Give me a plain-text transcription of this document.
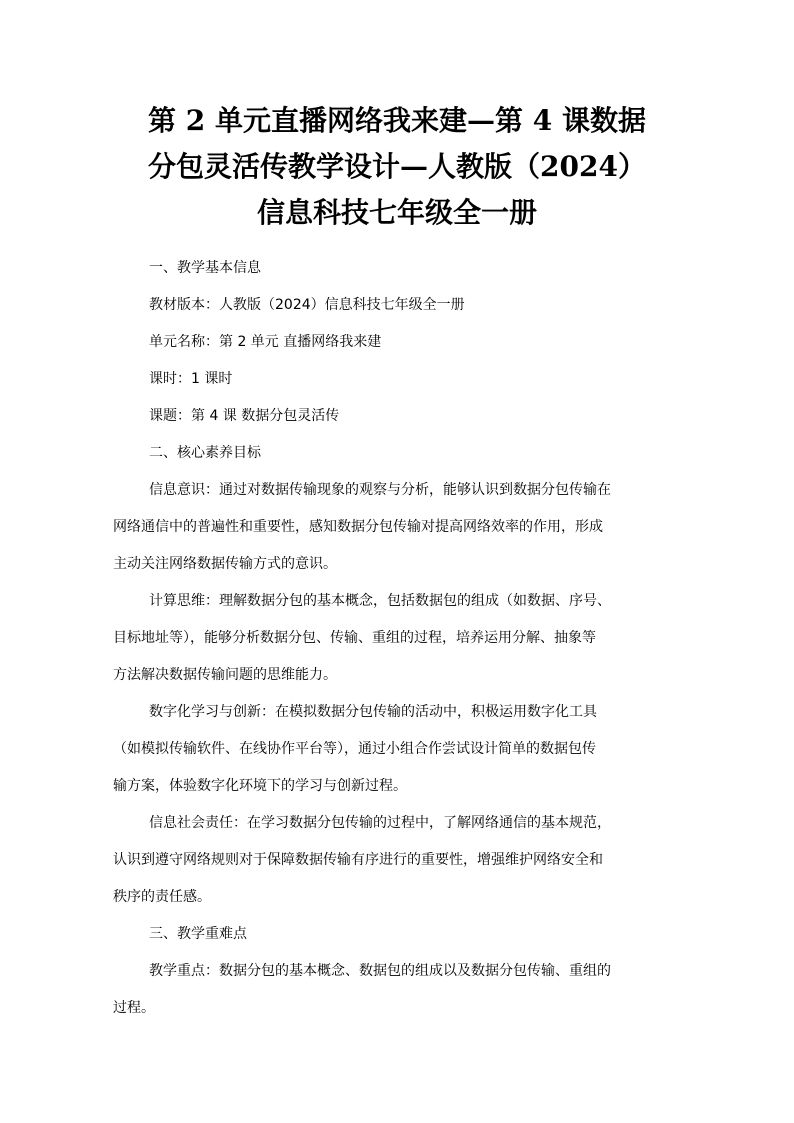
第 2 单元直播网络我来建—第 4 课数据
分包灵活传教学设计—人教版（2024）
信息科技七年级全一册
一、教学基本信息
教材版本：人教版（2024）信息科技七年级全一册
单元名称：第 2 单元 直播网络我来建
课时：1 课时
课题：第 4 课 数据分包灵活传
二、核心素养目标
信息意识：通过对数据传输现象的观察与分析，能够认识到数据分包传输在
网络通信中的普遍性和重要性，感知数据分包传输对提高网络效率的作用，形成
主动关注网络数据传输方式的意识。
计算思维：理解数据分包的基本概念，包括数据包的组成（如数据、序号、
目标地址等），能够分析数据分包、传输、重组的过程，培养运用分解、抽象等
方法解决数据传输问题的思维能力。
数字化学习与创新：在模拟数据分包传输的活动中，积极运用数字化工具
（如模拟传输软件、在线协作平台等），通过小组合作尝试设计简单的数据包传
输方案，体验数字化环境下的学习与创新过程。
信息社会责任：在学习数据分包传输的过程中，了解网络通信的基本规范，
认识到遵守网络规则对于保障数据传输有序进行的重要性，增强维护网络安全和
秩序的责任感。
三、教学重难点
教学重点：数据分包的基本概念、数据包的组成以及数据分包传输、重组的
过程。
